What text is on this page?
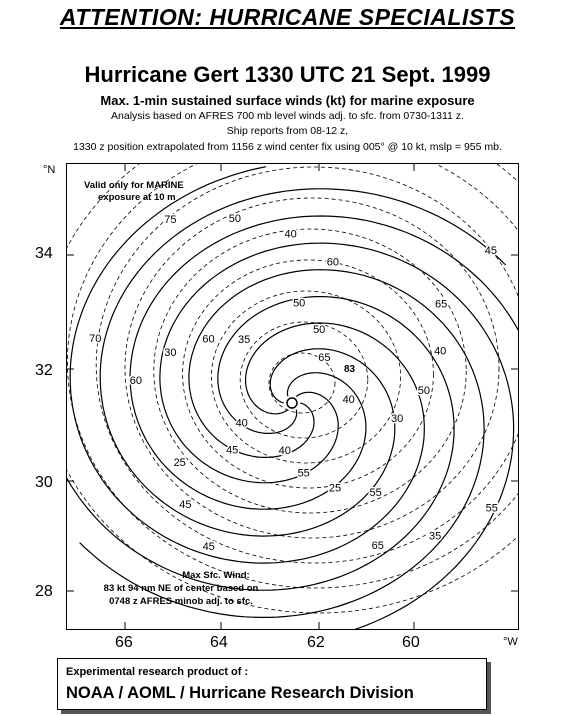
ATTENTION: HURRICANE SPECIALISTS
Hurricane Gert 1330 UTC 21 Sept. 1999
Max. 1-min sustained surface winds (kt) for marine exposure
Analysis based on AFRES 700 mb level winds adj. to sfc. from 0730-1311 z.
Ship reports from 08-12 z,
1330 z position extrapolated from 1156 z wind center fix using 005° @ 10 kt, mslp = 955 mb.
40
45
50
55
60
65
75
40
50
25
30	40
45
50
55
65
55
60
50
45
40
35
45
40
35
30
25
60
65
70
Valid only for MARINE
exposure at 10 m
83
Max Sfc. Wind:
83 kt 94 nm NE of center based on
0748 z AFRES minob adj. to sfc.
°N
34
32
30
28
66	64	62	60	°W
Experimental research product of :
NOAA / AOML / Hurricane Research Division
